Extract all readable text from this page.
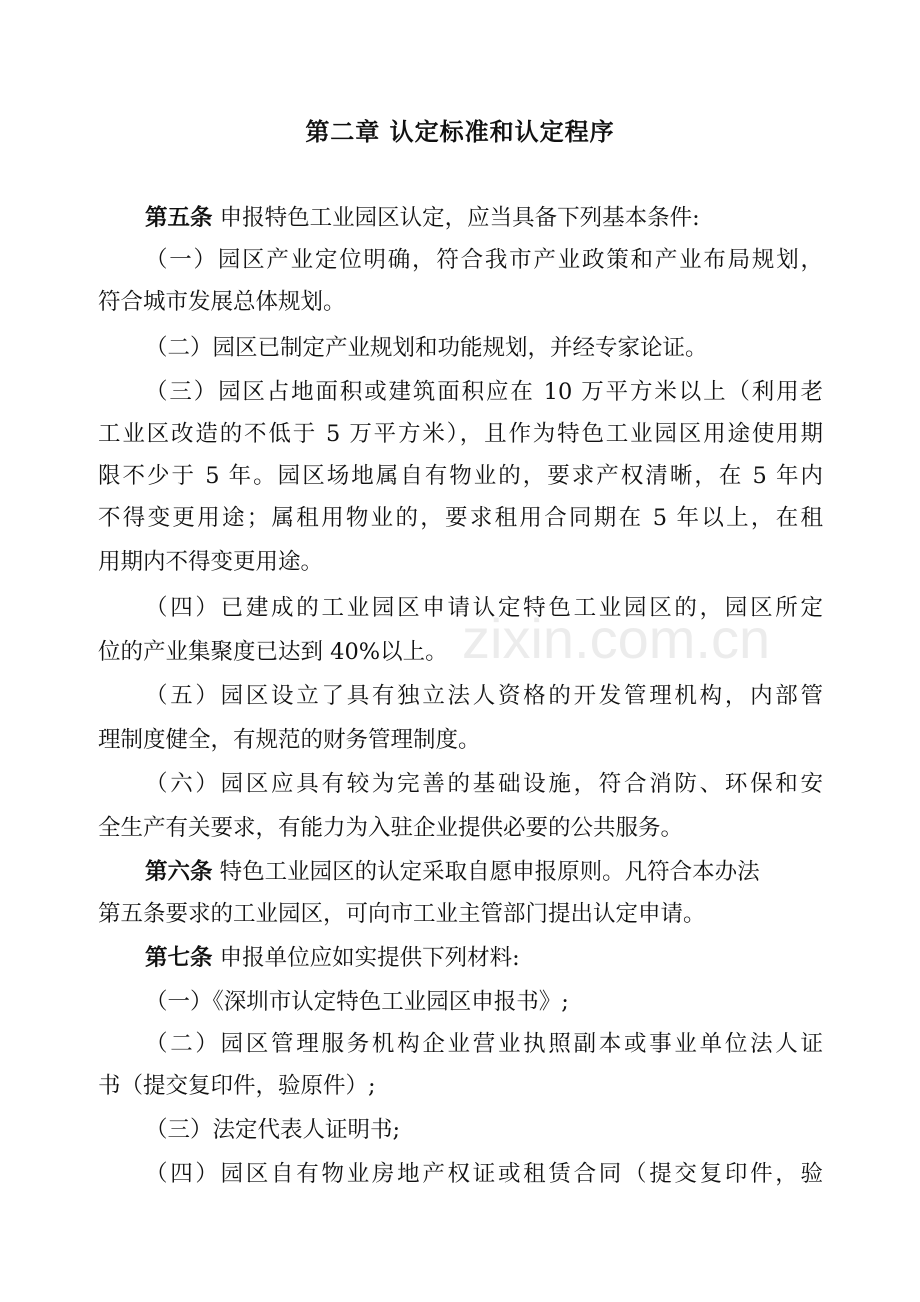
第二章 认定标准和认定程序
第五条 申报特色工业园区认定，应当具备下列基本条件:
（一）园区产业定位明确，符合我市产业政策和产业布局规划，
符合城市发展总体规划。
（二）园区已制定产业规划和功能规划，并经专家论证。
（三）园区占地面积或建筑面积应在 10 万平方米以上（利用老
工业区改造的不低于 5 万平方米），且作为特色工业园区用途使用期
限不少于 5 年。园区场地属自有物业的，要求产权清晰，在 5 年内
不得变更用途；属租用物业的，要求租用合同期在 5 年以上，在租
用期内不得变更用途。
（四）已建成的工业园区申请认定特色工业园区的，园区所定
位的产业集聚度已达到 40%以上。
（五）园区设立了具有独立法人资格的开发管理机构，内部管
理制度健全，有规范的财务管理制度。
（六）园区应具有较为完善的基础设施，符合消防、环保和安
全生产有关要求，有能力为入驻企业提供必要的公共服务。
第六条 特色工业园区的认定采取自愿申报原则。凡符合本办法
第五条要求的工业园区，可向市工业主管部门提出认定申请。
第七条 申报单位应如实提供下列材料:
（一）《深圳市认定特色工业园区申报书》;
（二）园区管理服务机构企业营业执照副本或事业单位法人证
书（提交复印件，验原件）;
（三）法定代表人证明书;
（四）园区自有物业房地产权证或租赁合同（提交复印件，验
zixin.com.cn
